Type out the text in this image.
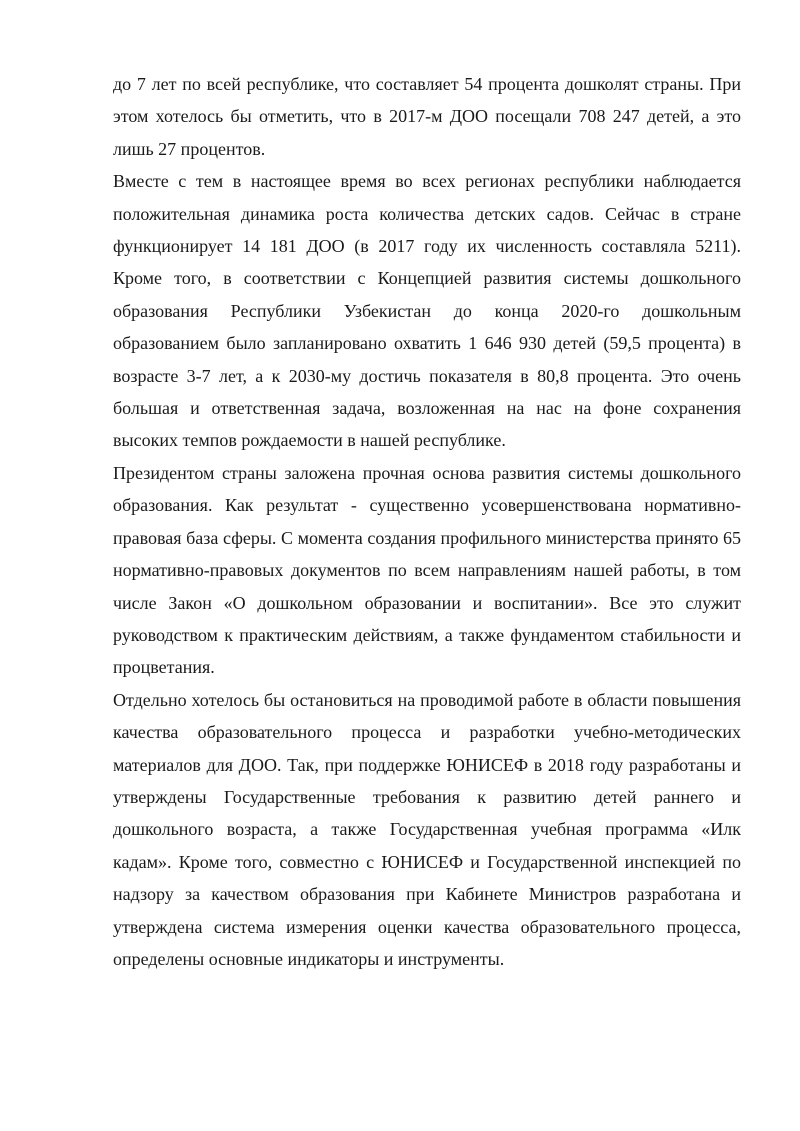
до 7 лет по всей республике, что составляет 54 процента дошколят страны. При этом хотелось бы отметить, что в 2017-м ДОО посещали 708 247 детей, а это лишь 27 процентов.

Вместе с тем в настоящее время во всех регионах республики наблюдается положительная динамика роста количества детских садов. Сейчас в стране функционирует 14 181 ДОО (в 2017 году их численность составляла 5211). Кроме того, в соответствии с Концепцией развития системы дошкольного образования Республики Узбекистан до конца 2020-го дошкольным образованием было запланировано охватить 1 646 930 детей (59,5 процента) в возрасте 3-7 лет, а к 2030-му достичь показателя в 80,8 процента. Это очень большая и ответственная задача, возложенная на нас на фоне сохранения высоких темпов рождаемости в нашей республике.

Президентом страны заложена прочная основа развития системы дошкольного образования. Как результат - существенно усовершенствована нормативно-правовая база сферы. С момента создания профильного министерства принято 65 нормативно-правовых документов по всем направлениям нашей работы, в том числе Закон «О дошкольном образовании и воспитании». Все это служит руководством к практическим действиям, а также фундаментом стабильности и процветания.

Отдельно хотелось бы остановиться на проводимой работе в области повышения качества образовательного процесса и разработки учебно-методических материалов для ДОО. Так, при поддержке ЮНИСЕФ в 2018 году разработаны и утверждены Государственные требования к развитию детей раннего и дошкольного возраста, а также Государственная учебная программа «Илк кадам». Кроме того, совместно с ЮНИСЕФ и Государственной инспекцией по надзору за качеством образования при Кабинете Министров разработана и утверждена система измерения оценки качества образовательного процесса, определены основные индикаторы и инструменты.
